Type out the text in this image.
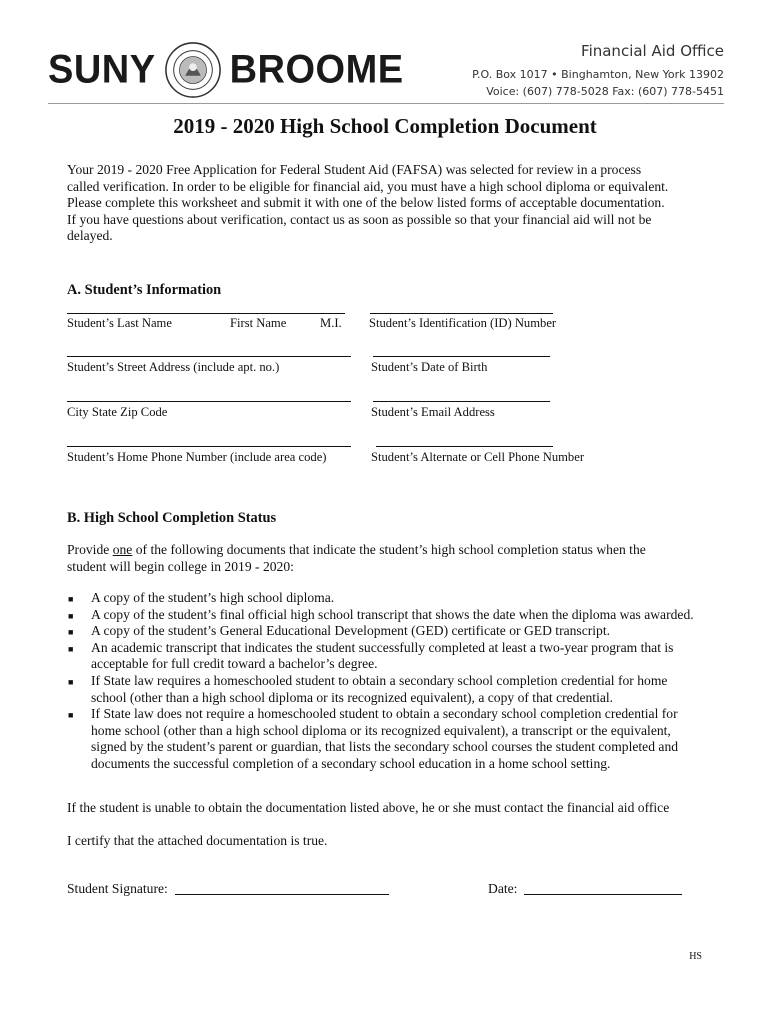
SUNY BROOME	Financial Aid Office
P.O. Box 1017 • Binghamton, New York 13902
Voice: (607) 778-5028 Fax: (607) 778-5451
2019 - 2020 High School Completion Document
Your 2019 - 2020 Free Application for Federal Student Aid (FAFSA) was selected for review in a process
called verification. In order to be eligible for financial aid, you must have a high school diploma or equivalent.
Please complete this worksheet and submit it with one of the below listed forms of acceptable documentation.
If you have questions about verification, contact us as soon as possible so that your financial aid will not be
delayed.
A. Student’s Information
Student’s Last Name	First Name	M.I. Student’s Identification (ID) Number
Student’s Street Address (include apt. no.)	Student’s Date of Birth
City State Zip Code	Student’s Email Address
Student’s Home Phone Number (include area code)	Student’s Alternate or Cell Phone Number
B. High School Completion Status
Provide one of the following documents that indicate the student’s high school completion status when the
student will begin college in 2019 - 2020:
■ A copy of the student’s high school diploma.
■ A copy of the student’s final official high school transcript that shows the date when the diploma was awarded.
■ A copy of the student’s General Educational Development (GED) certificate or GED transcript.
■ An academic transcript that indicates the student successfully completed at least a two-year program that is acceptable for full credit toward a bachelor’s degree.
■ If State law requires a homeschooled student to obtain a secondary school completion credential for home school (other than a high school diploma or its recognized equivalent), a copy of that credential.
■ If State law does not require a homeschooled student to obtain a secondary school completion credential for home school (other than a high school diploma or its recognized equivalent), a transcript or the equivalent, signed by the student’s parent or guardian, that lists the secondary school courses the student completed and documents the successful completion of a secondary school education in a home school setting.
If the student is unable to obtain the documentation listed above, he or she must contact the financial aid office
I certify that the attached documentation is true.
Student Signature:	Date:
HS
